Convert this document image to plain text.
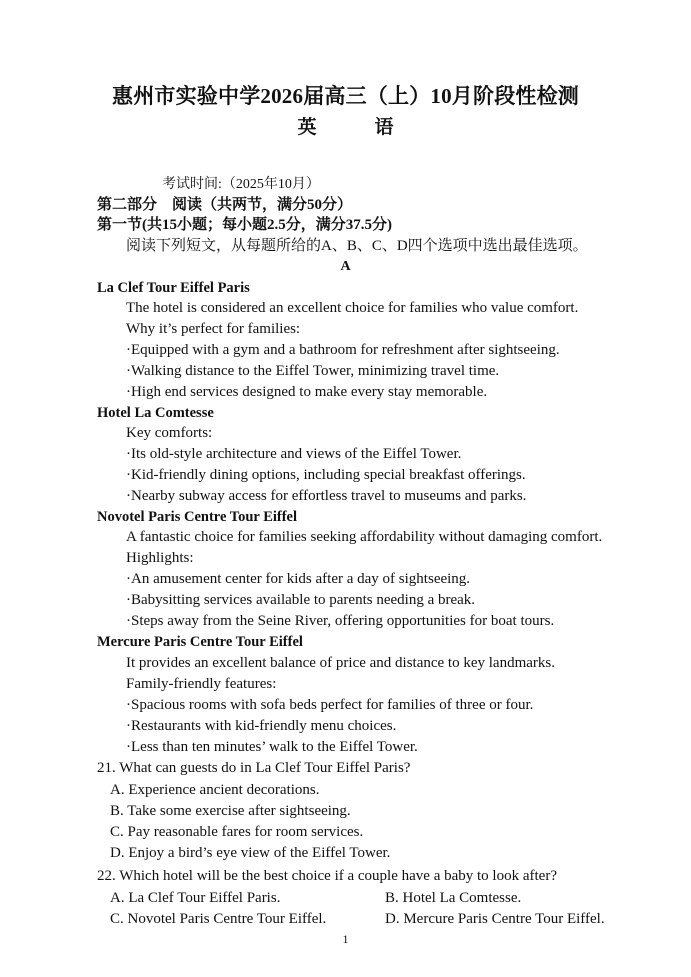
惠州市实验中学2026届高三（上）10月阶段性检测
英	语
考试时间:（2025年10月）
第二部分　阅读（共两节，满分50分）
第一节(共15小题；每小题2.5分，满分37.5分)
阅读下列短文，从每题所给的A、B、C、D四个选项中选出最佳选项。
A
La Clef Tour Eiffel Paris
The hotel is considered an excellent choice for families who value comfort.
Why it’s perfect for families:
·Equipped with a gym and a bathroom for refreshment after sightseeing.
·Walking distance to the Eiffel Tower, minimizing travel time.
·High end services designed to make every stay memorable.
Hotel La Comtesse
Key comforts:
·Its old-style architecture and views of the Eiffel Tower.
·Kid-friendly dining options, including special breakfast offerings.
·Nearby subway access for effortless travel to museums and parks.
Novotel Paris Centre Tour Eiffel
A fantastic choice for families seeking affordability without damaging comfort.
Highlights:
·An amusement center for kids after a day of sightseeing.
·Babysitting services available to parents needing a break.
·Steps away from the Seine River, offering opportunities for boat tours.
Mercure Paris Centre Tour Eiffel
It provides an excellent balance of price and distance to key landmarks.
Family-friendly features:
·Spacious rooms with sofa beds perfect for families of three or four.
·Restaurants with kid-friendly menu choices.
·Less than ten minutes’ walk to the Eiffel Tower.
21. What can guests do in La Clef Tour Eiffel Paris?
A. Experience ancient decorations.
B. Take some exercise after sightseeing.
C. Pay reasonable fares for room services.
D. Enjoy a bird’s eye view of the Eiffel Tower.
22. Which hotel will be the best choice if a couple have a baby to look after?
A. La Clef Tour Eiffel Paris.	B. Hotel La Comtesse.
C. Novotel Paris Centre Tour Eiffel.	D. Mercure Paris Centre Tour Eiffel.
1
